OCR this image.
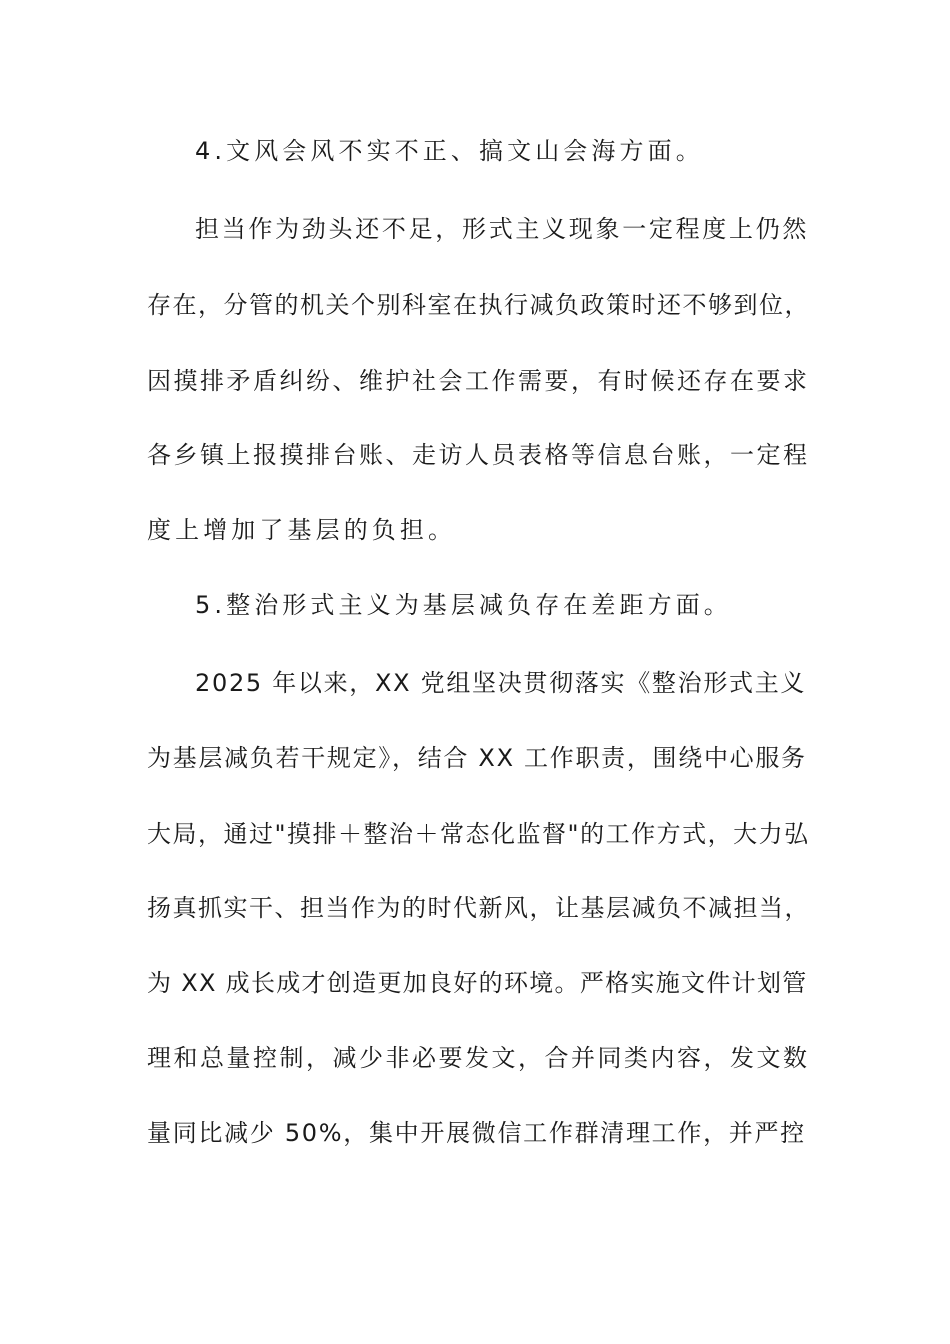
4.文风会风不实不正、搞文山会海方面。
担当作为劲头还不足，形式主义现象一定程度上仍然
存在，分管的机关个别科室在执行减负政策时还不够到位，
因摸排矛盾纠纷、维护社会工作需要，有时候还存在要求
各乡镇上报摸排台账、走访人员表格等信息台账，一定程
度上增加了基层的负担。
5.整治形式主义为基层减负存在差距方面。
2025 年以来，XX 党组坚决贯彻落实《整治形式主义
为基层减负若干规定》，结合 XX 工作职责，围绕中心服务
大局，通过"摸排＋整治＋常态化监督"的工作方式，大力弘
扬真抓实干、担当作为的时代新风，让基层减负不减担当，
为 XX 成长成才创造更加良好的环境。严格实施文件计划管
理和总量控制，减少非必要发文，合并同类内容，发文数
量同比减少 50%，集中开展微信工作群清理工作，并严控
